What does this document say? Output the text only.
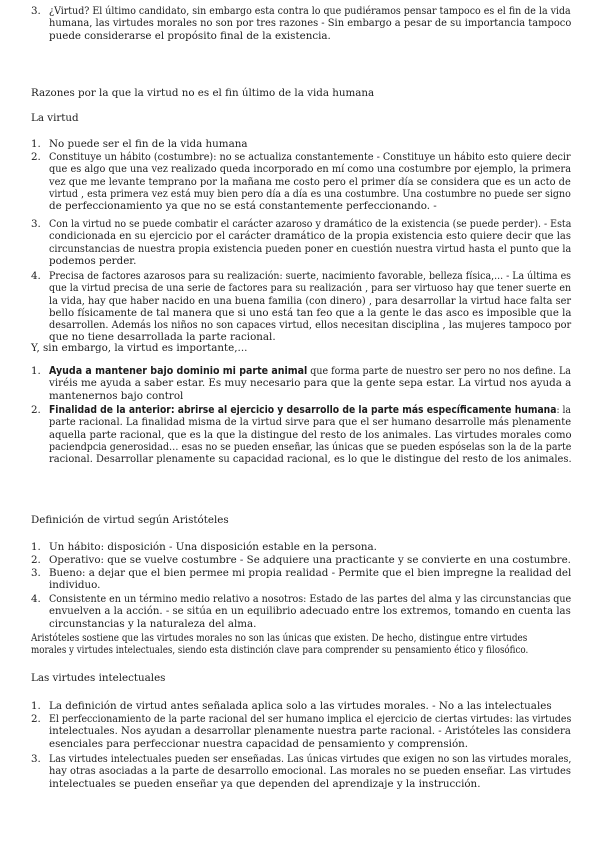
3. ¿Virtud? El último candidato, sin embargo esta contra lo que pudiéramos pensar tampoco es el fin de la vida
humana, las virtudes morales no son por tres razones - Sin embargo a pesar de su importancia tampoco
puede considerarse el propósito final de la existencia.
Razones por la que la virtud no es el fin último de la vida humana
La virtud
1. No puede ser el fin de la vida humana
2. Constituye un hábito (costumbre): no se actualiza constantemente - Constituye un hábito esto quiere decir
que es algo que una vez realizado queda incorporado en mí como una costumbre por ejemplo, la primera
vez que me levante temprano por la mañana me costo pero el primer día se considera que es un acto de
virtud , esta primera vez está muy bien pero día a día es una costumbre. Una costumbre no puede ser signo
de perfeccionamiento ya que no se está constantemente perfeccionando. -
3. Con la virtud no se puede combatir el carácter azaroso y dramático de la existencia (se puede perder). - Esta
condicionada en su ejercicio por el carácter dramático de la propia existencia esto quiere decir que las
circunstancias de nuestra propia existencia pueden poner en cuestión nuestra virtud hasta el punto que la
podemos perder.
4. Precisa de factores azarosos para su realización: suerte, nacimiento favorable, belleza física,... - La última es
que la virtud precisa de una serie de factores para su realización , para ser virtuoso hay que tener suerte en
la vida, hay que haber nacido en una buena familia (con dinero) , para desarrollar la virtud hace falta ser
bello físicamente de tal manera que si uno está tan feo que a la gente le das asco es imposible que la
desarrollen. Además los niños no son capaces virtud, ellos necesitan disciplina , las mujeres tampoco por
que no tiene desarrollada la parte racional.
Y, sin embargo, la virtud es importante,...
1. Ayuda a mantener bajo dominio mi parte animal que forma parte de nuestro ser pero no nos define. La
viréis me ayuda a saber estar. Es muy necesario para que la gente sepa estar. La virtud nos ayuda a
mantenernos bajo control
2. Finalidad de la anterior: abrirse al ejercicio y desarrollo de la parte más específicamente humana: la
parte racional. La finalidad misma de la virtud sirve para que el ser humano desarrolle más plenamente
aquella parte racional, que es la que la distingue del resto de los animales. Las virtudes morales como
paciendpcia generosidad… esas no se pueden enseñar, las únicas que se pueden espóselas son la de la parte
racional. Desarrollar plenamente su capacidad racional, es lo que le distingue del resto de los animales.
Definición de virtud según Aristóteles
1. Un hábito: disposición - Una disposición estable en la persona.
2. Operativo: que se vuelve costumbre - Se adquiere una practicante y se convierte en una costumbre.
3. Bueno: a dejar que el bien permee mi propia realidad - Permite que el bien impregne la realidad del
individuo.
4. Consistente en un término medio relativo a nosotros: Estado de las partes del alma y las circunstancias que
envuelven a la acción. - se sitúa en un equilibrio adecuado entre los extremos, tomando en cuenta las
circunstancias y la naturaleza del alma.
Aristóteles sostiene que las virtudes morales no son las únicas que existen. De hecho, distingue entre virtudes
morales y virtudes intelectuales, siendo esta distinción clave para comprender su pensamiento ético y filosófico.
Las virtudes intelectuales
1. La definición de virtud antes señalada aplica solo a las virtudes morales. - No a las intelectuales
2. El perfeccionamiento de la parte racional del ser humano implica el ejercicio de ciertas virtudes: las virtudes
intelectuales. Nos ayudan a desarrollar plenamente nuestra parte racional. - Aristóteles las considera
esenciales para perfeccionar nuestra capacidad de pensamiento y comprensión.
3. Las virtudes intelectuales pueden ser enseñadas. Las únicas virtudes que exigen no son las virtudes morales,
hay otras asociadas a la parte de desarrollo emocional. Las morales no se pueden enseñar. Las virtudes
intelectuales se pueden enseñar ya que dependen del aprendizaje y la instrucción.
